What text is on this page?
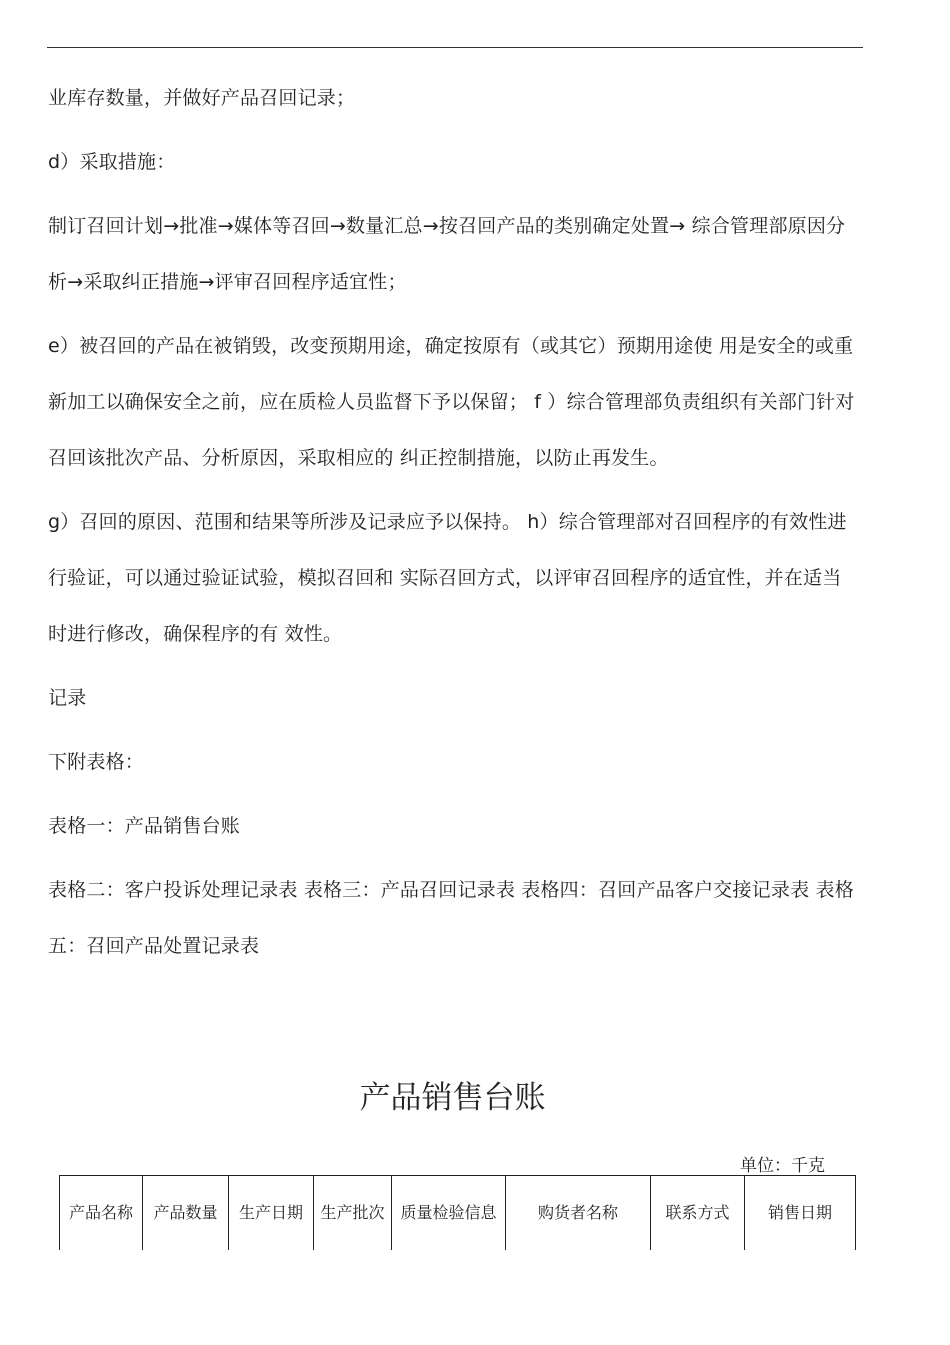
业库存数量，并做好产品召回记录；

d）采取措施：

制订召回计划→批准→媒体等召回→数量汇总→按召回产品的类别确定处置→ 综合管理部原因分析→采取纠正措施→评审召回程序适宜性；

e）被召回的产品在被销毁，改变预期用途，确定按原有（或其它）预期用途使 用是安全的或重新加工以确保安全之前，应在质检人员监督下予以保留； f ）综合管理部负责组织有关部门针对召回该批次产品、分析原因，采取相应的 纠正控制措施，以防止再发生。

g）召回的原因、范围和结果等所涉及记录应予以保持。 h）综合管理部对召回程序的有效性进行验证，可以通过验证试验，模拟召回和 实际召回方式，以评审召回程序的适宜性，并在适当时进行修改，确保程序的有 效性。

记录

下附表格：

表格一：产品销售台账

表格二：客户投诉处理记录表 表格三：产品召回记录表 表格四：召回产品客户交接记录表 表格五：召回产品处置记录表

产品销售台账
单位：千克
产品名称	产品数量	生产日期	生产批次	质量检验信息	购货者名称	联系方式	销售日期
